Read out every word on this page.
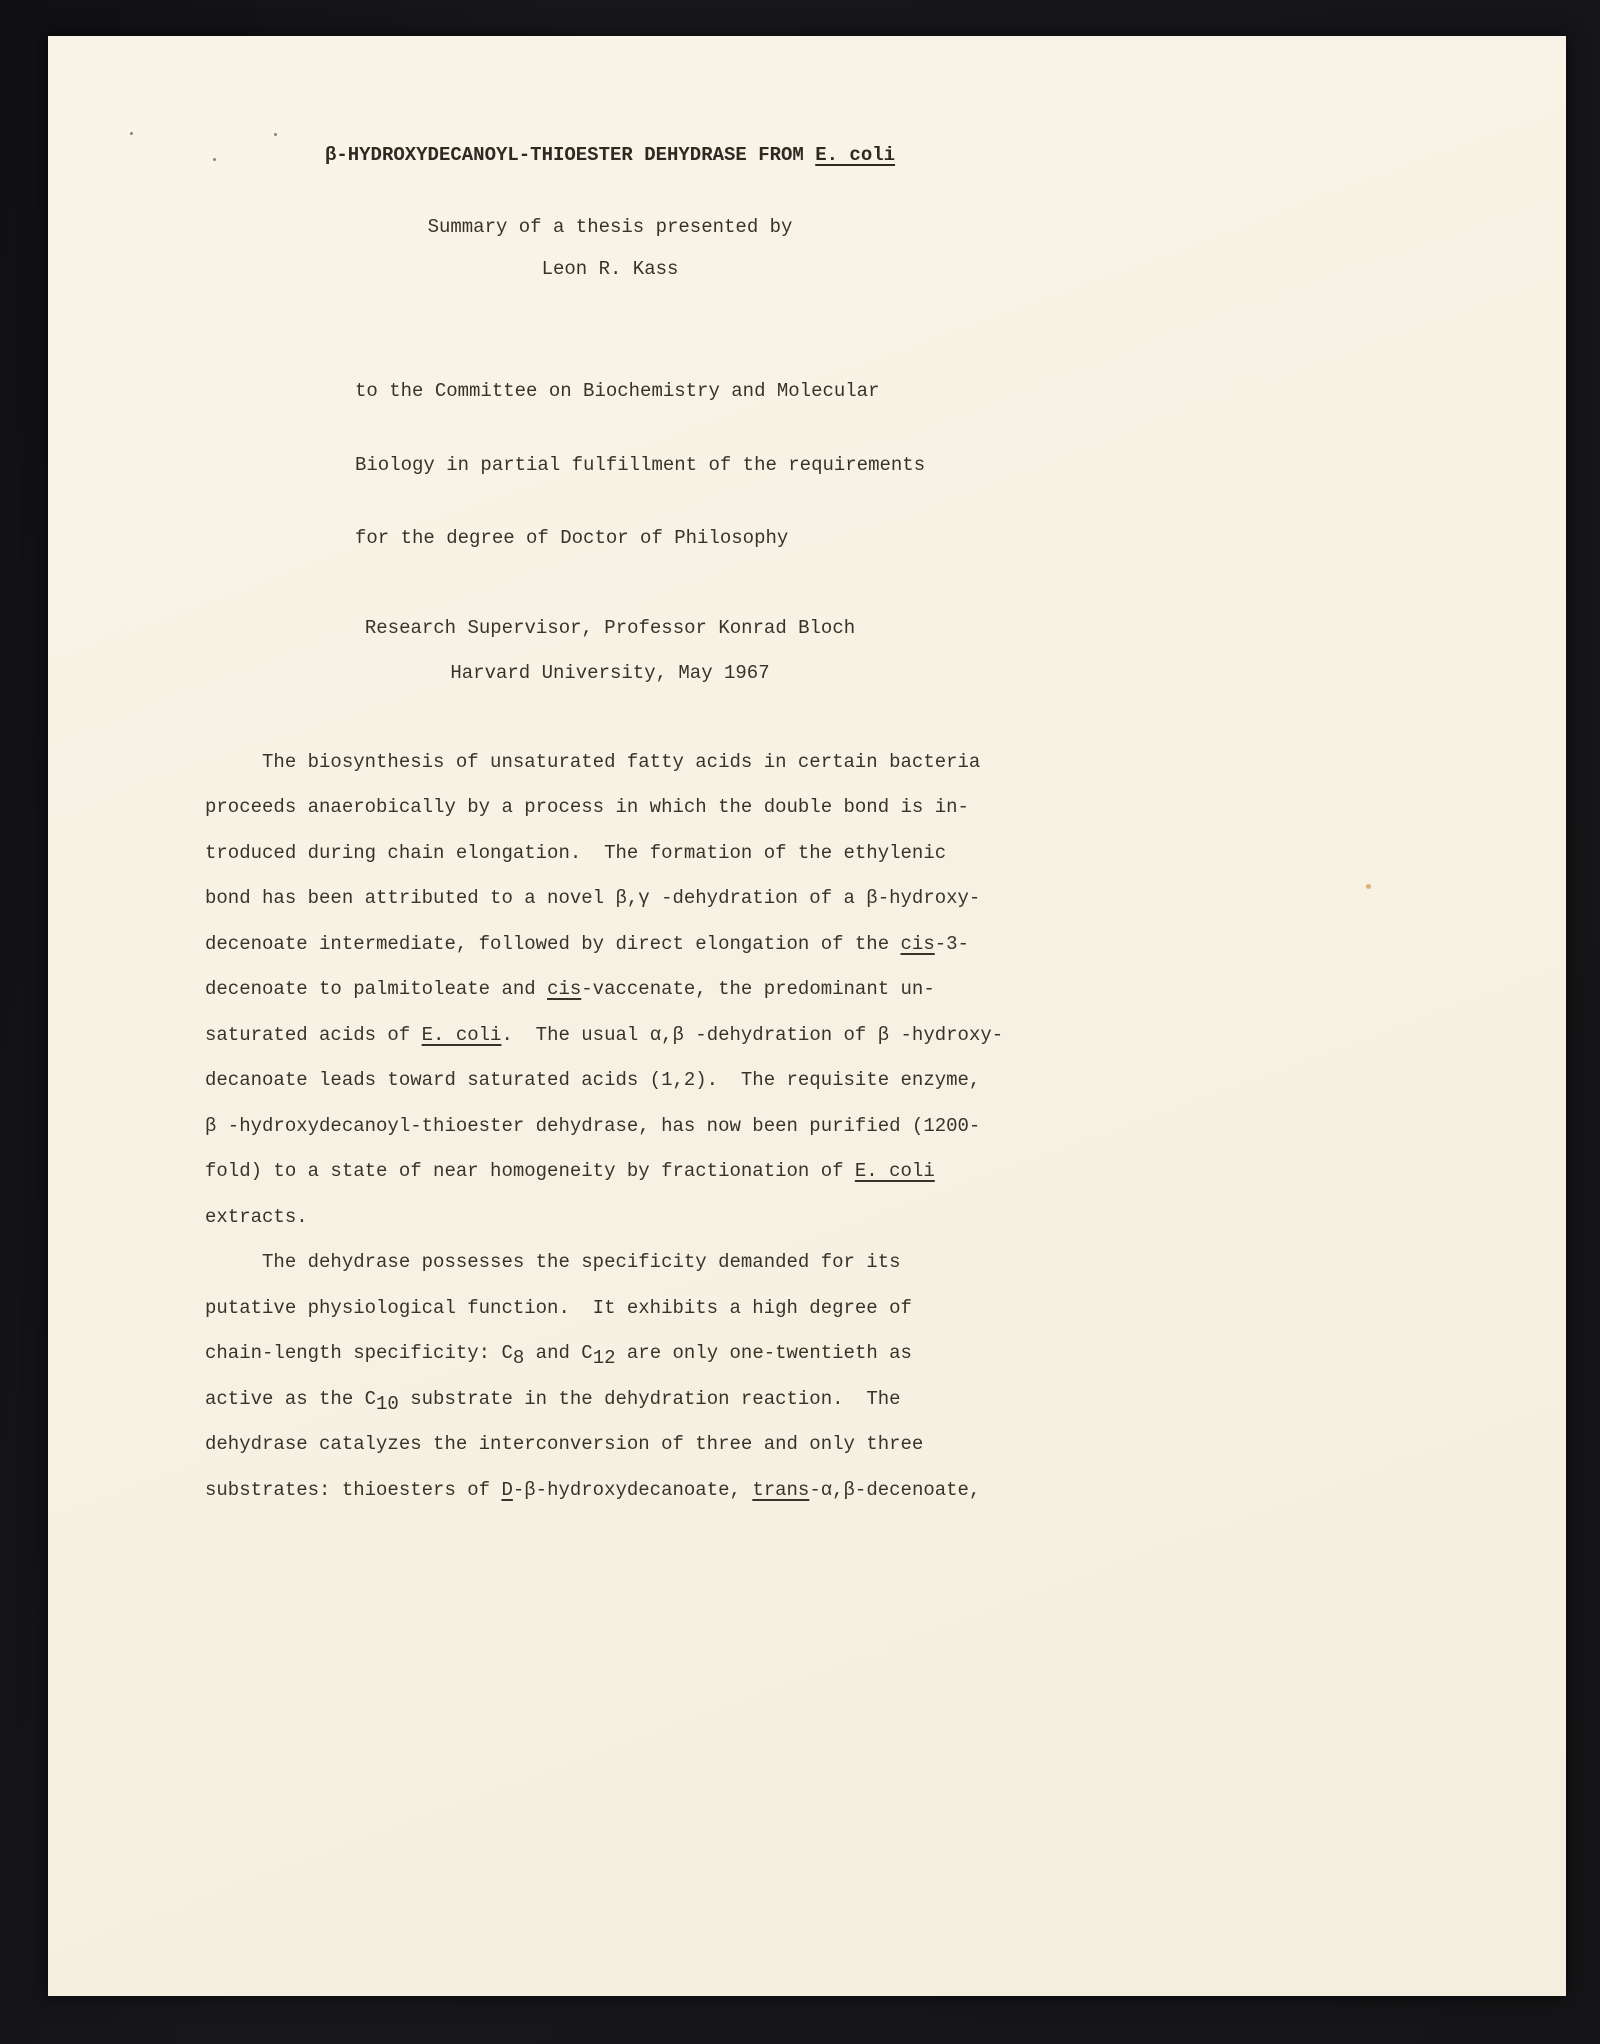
β-HYDROXYDECANOYL-THIOESTER DEHYDRASE FROM E. coli
Summary of a thesis presented by
Leon R. Kass

to the Committee on Biochemistry and Molecular

Biology in partial fulfillment of the requirements

for the degree of Doctor of Philosophy

Research Supervisor, Professor Konrad Bloch
Harvard University, May 1967
The biosynthesis of unsaturated fatty acids in certain bacteria
proceeds anaerobically by a process in which the double bond is in-
troduced during chain elongation.  The formation of the ethylenic
bond has been attributed to a novel β,γ -dehydration of a β-hydroxy-
decenoate intermediate, followed by direct elongation of the cis-3-
decenoate to palmitoleate and cis-vaccenate, the predominant un-
saturated acids of E. coli.  The usual α,β -dehydration of β -hydroxy-
decanoate leads toward saturated acids (1,2).  The requisite enzyme,
β -hydroxydecanoyl-thioester dehydrase, has now been purified (1200-
fold) to a state of near homogeneity by fractionation of E. coli
extracts.
The dehydrase possesses the specificity demanded for its
putative physiological function.  It exhibits a high degree of
chain-length specificity: C8 and C12 are only one-twentieth as
active as the C10 substrate in the dehydration reaction.  The
dehydrase catalyzes the interconversion of three and only three
substrates: thioesters of D-β-hydroxydecanoate, trans-α,β-decenoate,
